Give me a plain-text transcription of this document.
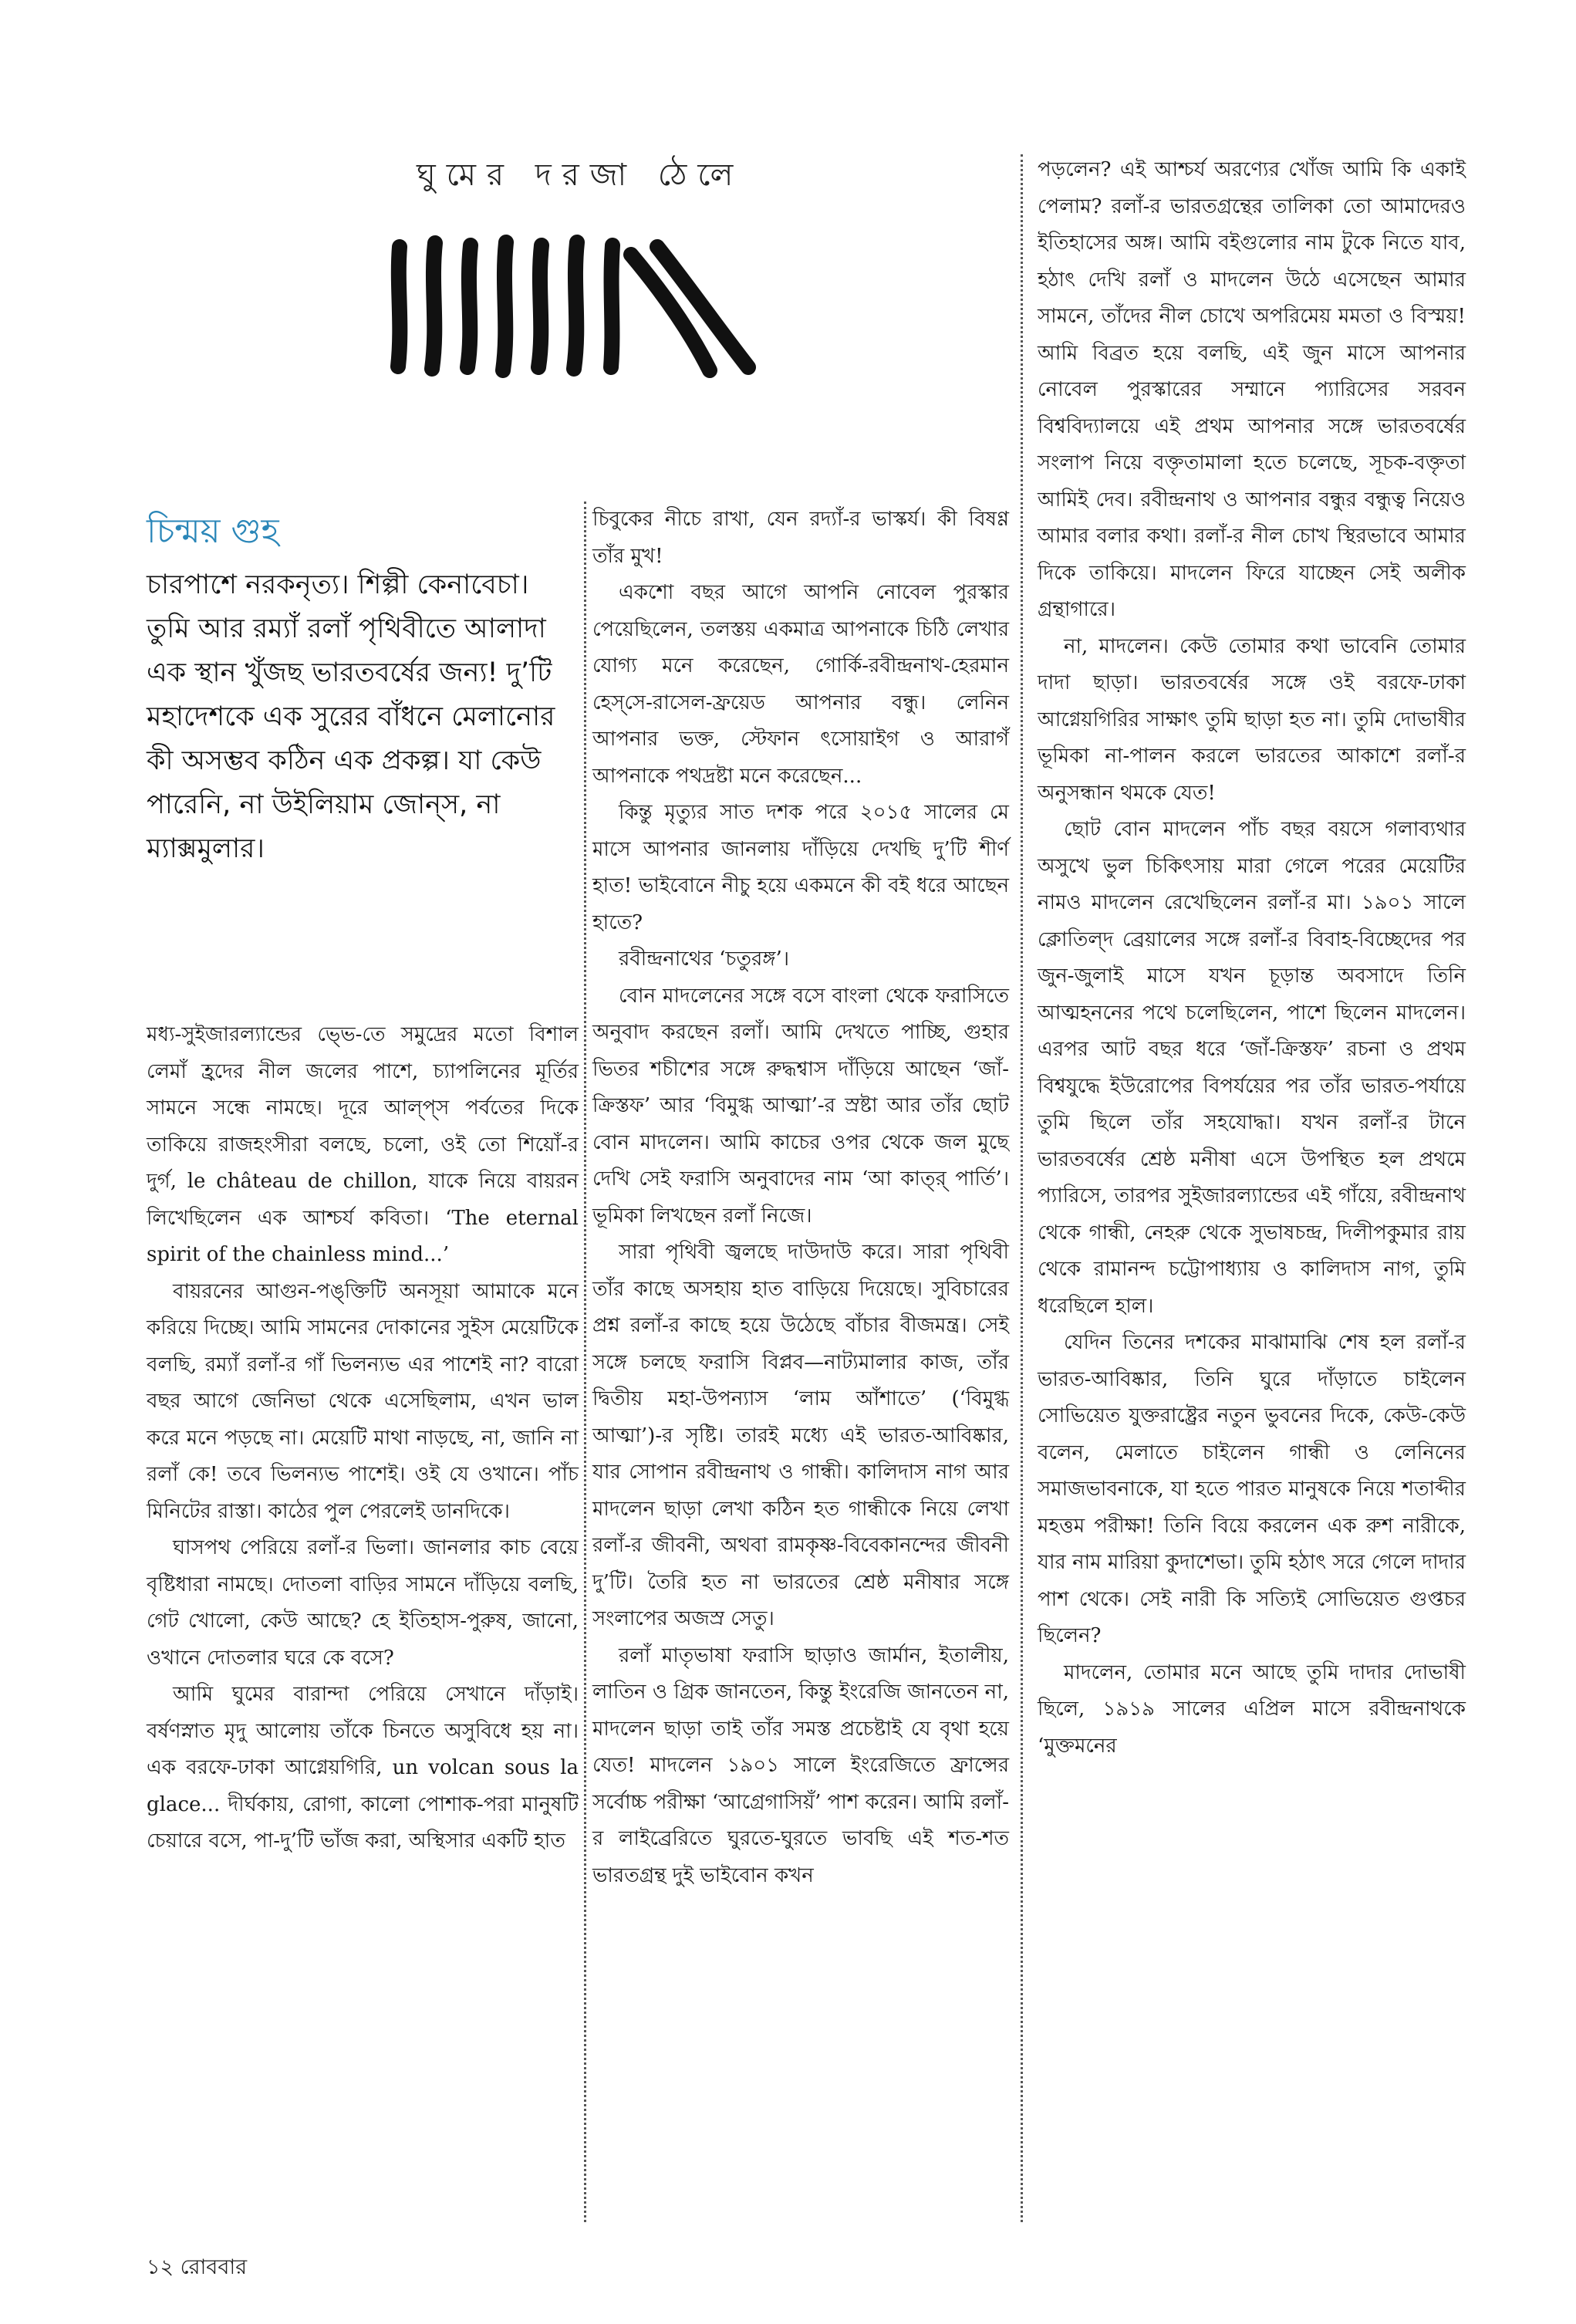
ঘুমের দরজা ঠেলে
চিন্ময় গুহ
চারপাশে নরকনৃত্য। শিল্পী কেনাবেচা। তুমি আর রম্যাঁ রলাঁ পৃথিবীতে আলাদা এক স্থান খুঁজছ ভারতবর্ষের জন্য! দু’টি মহাদেশকে এক সুরের বাঁধনে মেলানোর কী অসম্ভব কঠিন এক প্রকল্প। যা কেউ পারেনি, না উইলিয়াম জোন্‌স, না ম্যাক্সমুলার।

মধ্য-সুইজারল্যান্ডের ভ্ভে-তে সমুদ্রের মতো বিশাল লেমাঁ হ্রদের নীল জলের পাশে, চ্যাপলিনের মূর্তির সামনে সন্ধে নামছে। দূরে আল্‌প্‌স পর্বতের দিকে তাকিয়ে রাজহংসীরা বলছে, চলো, ওই তো শিয়োঁ-র দুর্গ, le château de chillon, যাকে নিয়ে বায়রন লিখেছিলেন এক আশ্চর্য কবিতা। ‘The eternal spirit of the chainless mind...’

বায়রনের আগুন-পঙ্‌ক্তিটি অনসূয়া আমাকে মনে করিয়ে দিচ্ছে। আমি সামনের দোকানের সুইস মেয়েটিকে বলছি, রম্যাঁ রলাঁ-র গাঁ ভিলন্যভ এর পাশেই না? বারো বছর আগে জেনিভা থেকে এসেছিলাম, এখন ভাল করে মনে পড়ছে না। মেয়েটি মাথা নাড়ছে, না, জানি না রলাঁ কে! তবে ভিলন্যভ পাশেই। ওই যে ওখানে। পাঁচ মিনিটের রাস্তা। কাঠের পুল পেরলেই ডানদিকে।

ঘাসপথ পেরিয়ে রলাঁ-র ভিলা। জানলার কাচ বেয়ে বৃষ্টিধারা নামছে। দোতলা বাড়ির সামনে দাঁড়িয়ে বলছি, গেট খোলো, কেউ আছে? হে ইতিহাস-পুরুষ, জানো, ওখানে দোতলার ঘরে কে বসে?

আমি ঘুমের বারান্দা পেরিয়ে সেখানে দাঁড়াই। বর্ষণস্নাত মৃদু আলোয় তাঁকে চিনতে অসুবিধে হয় না। এক বরফে-ঢাকা আগ্নেয়গিরি, un volcan sous la glace... দীর্ঘকায়, রোগা, কালো পোশাক-পরা মানুষটি চেয়ারে বসে, পা-দু’টি ভাঁজ করা, অস্থিসার একটি হাত

চিবুকের নীচে রাখা, যেন রদ্যাঁ-র ভাস্কর্য। কী বিষণ্ণ তাঁর মুখ!

একশো বছর আগে আপনি নোবেল পুরস্কার পেয়েছিলেন, তলস্তয় একমাত্র আপনাকে চিঠি লেখার যোগ্য মনে করেছেন, গোর্কি-রবীন্দ্রনাথ-হেরমান হেস্‌সে-রাসেল-ফ্রয়েড আপনার বন্ধু। লেনিন আপনার ভক্ত, স্টেফান ৎসোয়াইগ ও আরাগঁ আপনাকে পথদ্রষ্টা মনে করেছেন...

কিন্তু মৃত্যুর সাত দশক পরে ২০১৫ সালের মে মাসে আপনার জানলায় দাঁড়িয়ে দেখছি দু’টি শীর্ণ হাত! ভাইবোনে নীচু হয়ে একমনে কী বই ধরে আছেন হাতে?

রবীন্দ্রনাথের ‘চতুরঙ্গ’।

বোন মাদলেনের সঙ্গে বসে বাংলা থেকে ফরাসিতে অনুবাদ করছেন রলাঁ। আমি দেখতে পাচ্ছি, গুহার ভিতর শচীশের সঙ্গে রুদ্ধশ্বাস দাঁড়িয়ে আছেন ‘জাঁ-ক্রিস্তফ’ আর ‘বিমুগ্ধ আত্মা’-র স্রষ্টা আর তাঁর ছোট বোন মাদলেন। আমি কাচের ওপর থেকে জল মুছে দেখি সেই ফরাসি অনুবাদের নাম ‘আ কাত্‌র্‌ পার্তি’। ভূমিকা লিখছেন রলাঁ নিজে।

সারা পৃথিবী জ্বলছে দাউদাউ করে। সারা পৃথিবী তাঁর কাছে অসহায় হাত বাড়িয়ে দিয়েছে। সুবিচারের প্রশ্ন রলাঁ-র কাছে হয়ে উঠেছে বাঁচার বীজমন্ত্র। সেই সঙ্গে চলছে ফরাসি বিপ্লব—নাট্যমালার কাজ, তাঁর দ্বিতীয় মহা-উপন্যাস ‘লাম আঁশাতে’ (‘বিমুগ্ধ আত্মা’)-র সৃষ্টি। তারই মধ্যে এই ভারত-আবিষ্কার, যার সোপান রবীন্দ্রনাথ ও গান্ধী। কালিদাস নাগ আর মাদলেন ছাড়া লেখা কঠিন হত গান্ধীকে নিয়ে লেখা রলাঁ-র জীবনী, অথবা রামকৃষ্ণ-বিবেকানন্দের জীবনী দু’টি। তৈরি হত না ভারতের শ্রেষ্ঠ মনীষার সঙ্গে সংলাপের অজস্র সেতু।

রলাঁ মাতৃভাষা ফরাসি ছাড়াও জার্মান, ইতালীয়, লাতিন ও গ্রিক জানতেন, কিন্তু ইংরেজি জানতেন না, মাদলেন ছাড়া তাই তাঁর সমস্ত প্রচেষ্টাই যে বৃথা হয়ে যেত! মাদলেন ১৯০১ সালে ইংরেজিতে ফ্রান্সের সর্বোচ্চ পরীক্ষা ‘আগ্রেগাসিয়ঁ’ পাশ করেন। আমি রলাঁ-র লাইব্রেরিতে ঘুরতে-ঘুরতে ভাবছি এই শত-শত ভারতগ্রন্থ দুই ভাইবোন কখন

পড়লেন? এই আশ্চর্য অরণ্যের খোঁজ আমি কি একাই পেলাম? রলাঁ-র ভারতগ্রন্থের তালিকা তো আমাদেরও ইতিহাসের অঙ্গ। আমি বইগুলোর নাম টুকে নিতে যাব, হঠাৎ দেখি রলাঁ ও মাদলেন উঠে এসেছেন আমার সামনে, তাঁদের নীল চোখে অপরিমেয় মমতা ও বিস্ময়! আমি বিব্রত হয়ে বলছি, এই জুন মাসে আপনার নোবেল পুরস্কারের সম্মানে প্যারিসের সরবন বিশ্ববিদ্যালয়ে এই প্রথম আপনার সঙ্গে ভারতবর্ষের সংলাপ নিয়ে বক্তৃতামালা হতে চলেছে, সূচক-বক্তৃতা আমিই দেব। রবীন্দ্রনাথ ও আপনার বন্ধুর বন্ধুত্ব নিয়েও আমার বলার কথা। রলাঁ-র নীল চোখ স্থিরভাবে আমার দিকে তাকিয়ে। মাদলেন ফিরে যাচ্ছেন সেই অলীক গ্রন্থাগারে।

না, মাদলেন। কেউ তোমার কথা ভাবেনি তোমার দাদা ছাড়া। ভারতবর্ষের সঙ্গে ওই বরফে-ঢাকা আগ্নেয়গিরির সাক্ষাৎ তুমি ছাড়া হত না। তুমি দোভাষীর ভূমিকা না-পালন করলে ভারতের আকাশে রলাঁ-র অনুসন্ধান থমকে যেত!

ছোট বোন মাদলেন পাঁচ বছর বয়সে গলাব্যথার অসুখে ভুল চিকিৎসায় মারা গেলে পরের মেয়েটির নামও মাদলেন রেখেছিলেন রলাঁ-র মা। ১৯০১ সালে ক্লোতিল্‌দ ব্রেয়ালের সঙ্গে রলাঁ-র বিবাহ-বিচ্ছেদের পর জুন-জুলাই মাসে যখন চূড়ান্ত অবসাদে তিনি আত্মহননের পথে চলেছিলেন, পাশে ছিলেন মাদলেন। এরপর আট বছর ধরে ‘জাঁ-ক্রিস্তফ’ রচনা ও প্রথম বিশ্বযুদ্ধে ইউরোপের বিপর্যয়ের পর তাঁর ভারত-পর্যায়ে তুমি ছিলে তাঁর সহযোদ্ধা। যখন রলাঁ-র টানে ভারতবর্ষের শ্রেষ্ঠ মনীষা এসে উপস্থিত হল প্রথমে প্যারিসে, তারপর সুইজারল্যান্ডের এই গাঁয়ে, রবীন্দ্রনাথ থেকে গান্ধী, নেহরু থেকে সুভাষচন্দ্র, দিলীপকুমার রায় থেকে রামানন্দ চট্টোপাধ্যায় ও কালিদাস নাগ, তুমি ধরেছিলে হাল।

যেদিন তিনের দশকের মাঝামাঝি শেষ হল রলাঁ-র ভারত-আবিষ্কার, তিনি ঘুরে দাঁড়াতে চাইলেন সোভিয়েত যুক্তরাষ্ট্রের নতুন ভুবনের দিকে, কেউ-কেউ বলেন, মেলাতে চাইলেন গান্ধী ও লেনিনের সমাজভাবনাকে, যা হতে পারত মানুষকে নিয়ে শতাব্দীর মহত্তম পরীক্ষা! তিনি বিয়ে করলেন এক রুশ নারীকে, যার নাম মারিয়া কুদাশেভা। তুমি হঠাৎ সরে গেলে দাদার পাশ থেকে। সেই নারী কি সত্যিই সোভিয়েত গুপ্তচর ছিলেন?

মাদলেন, তোমার মনে আছে তুমি দাদার দোভাষী ছিলে, ১৯১৯ সালের এপ্রিল মাসে রবীন্দ্রনাথকে ‘মুক্তমনের

১২ রোববার
